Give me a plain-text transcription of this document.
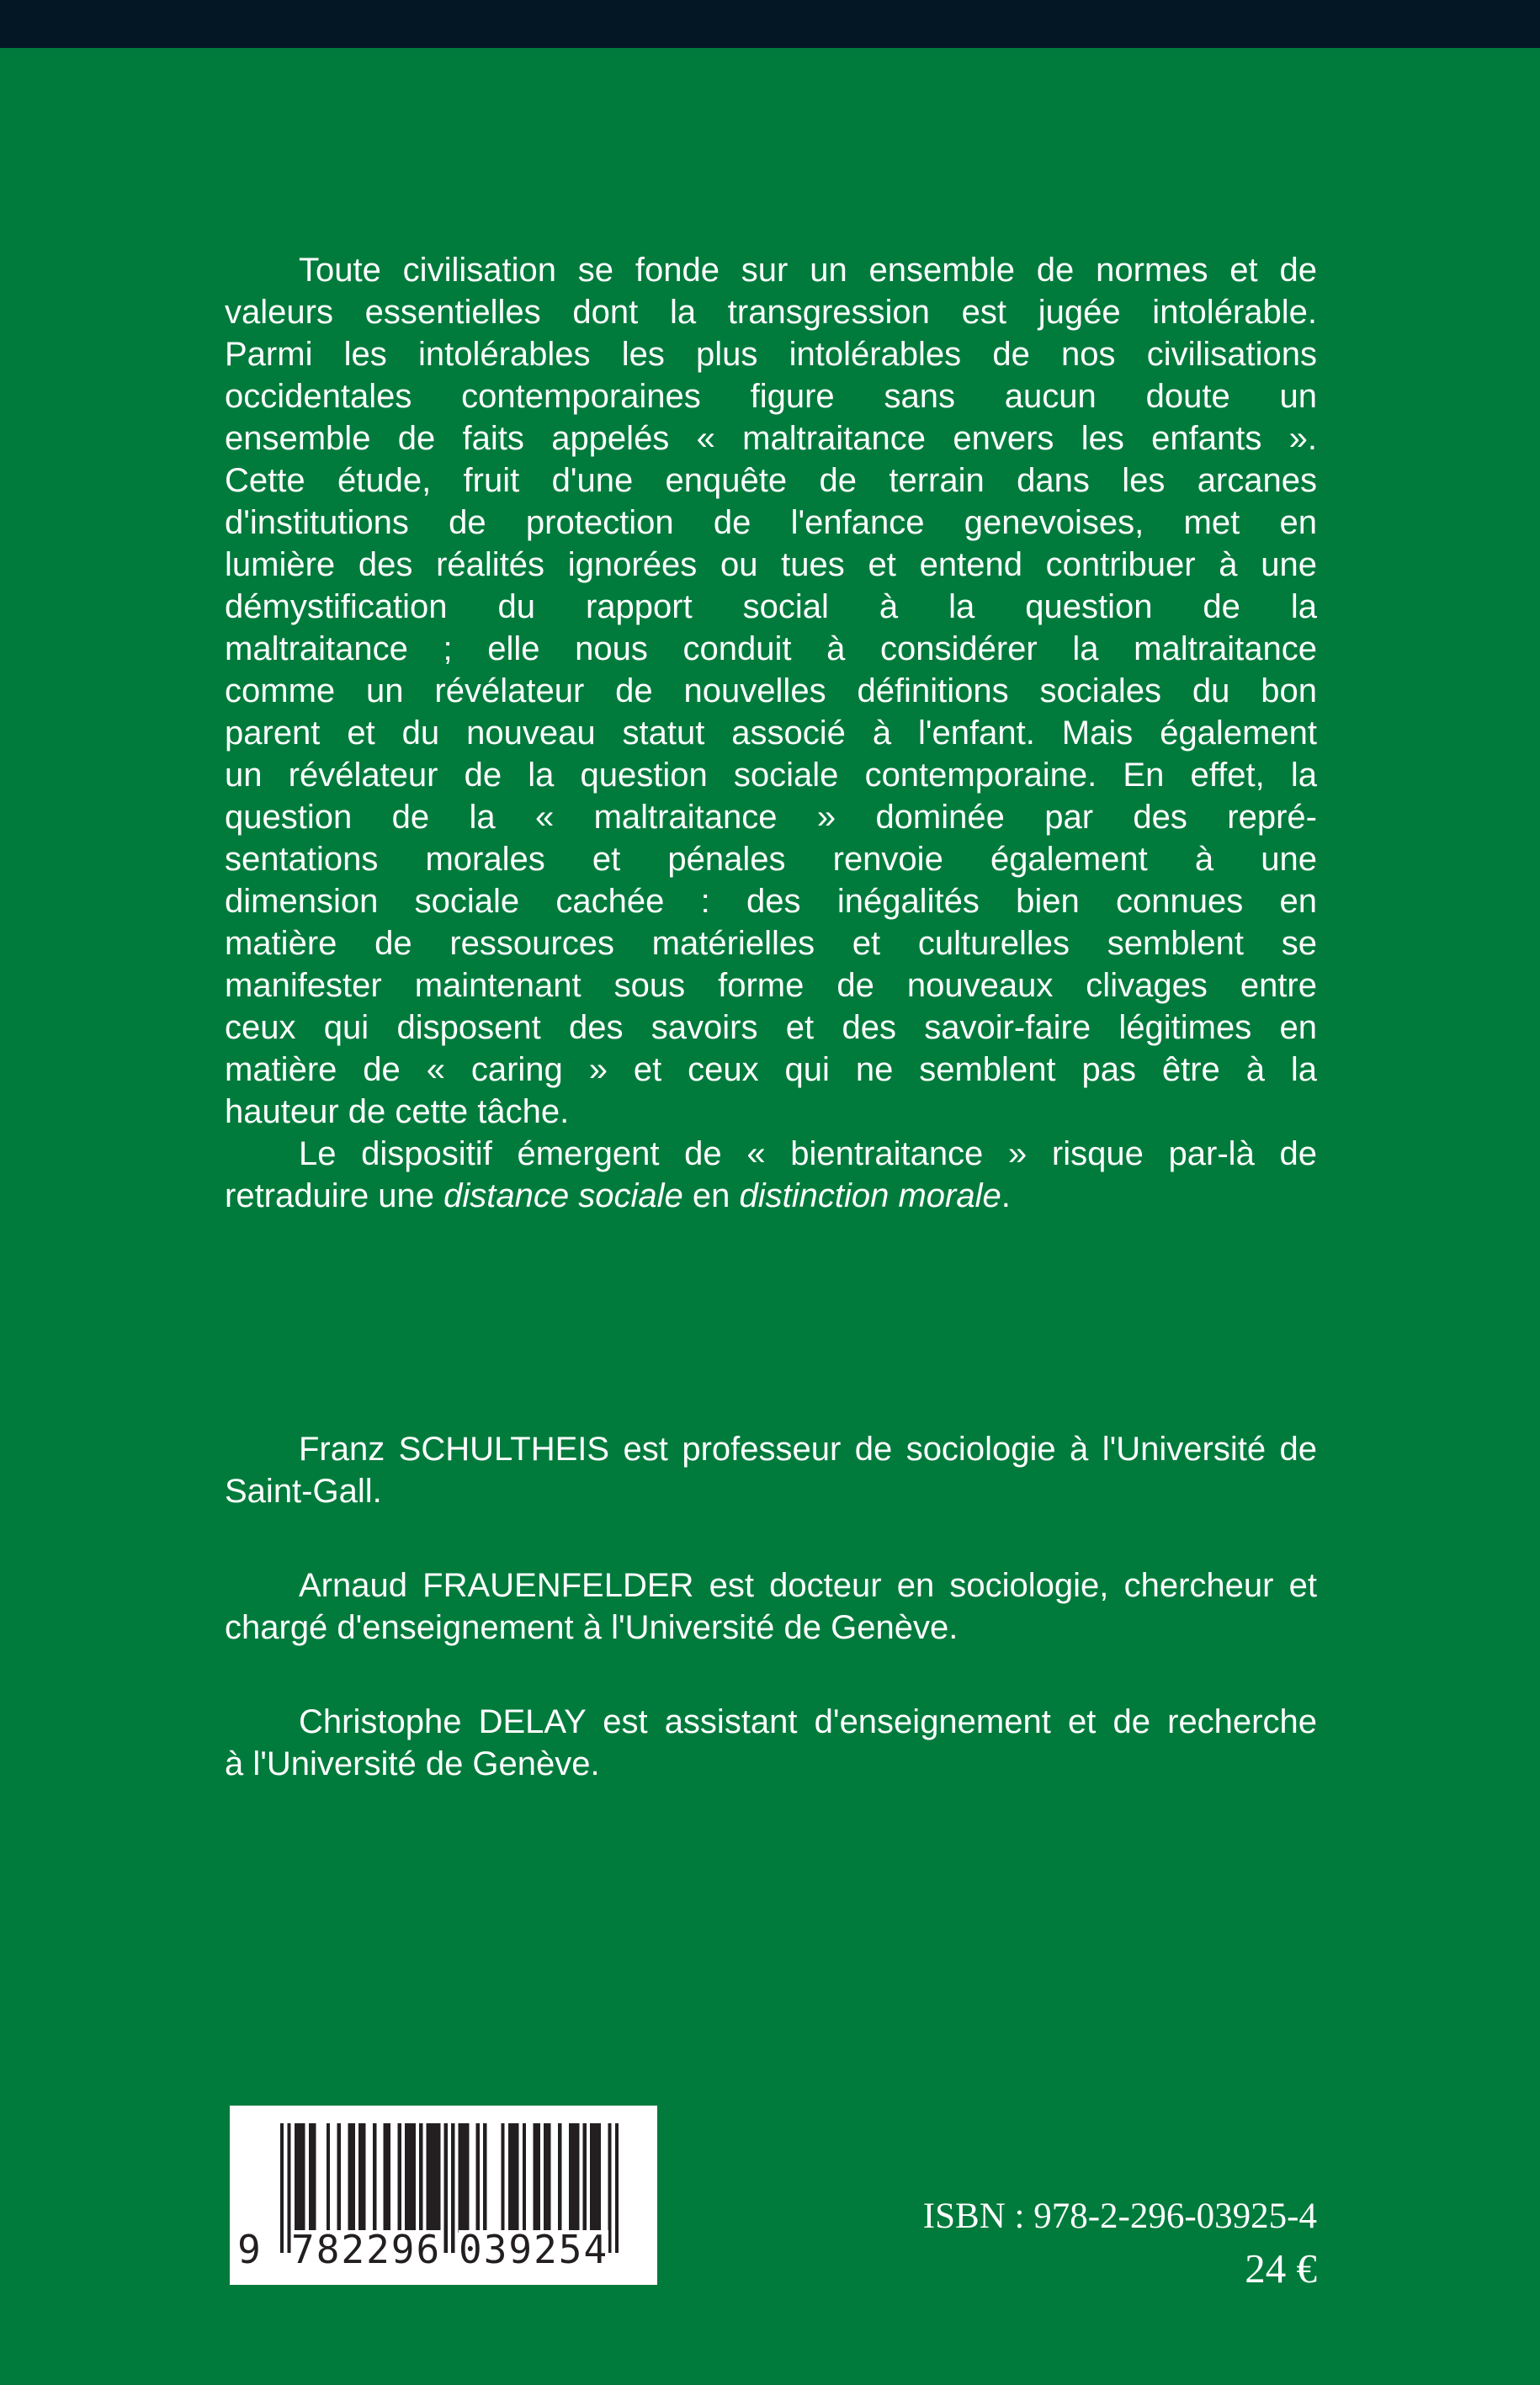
Toute civilisation se fonde sur un ensemble de normes et de
valeurs essentielles dont la transgression est jugée intolérable.
Parmi les intolérables les plus intolérables de nos civilisations
occidentales contemporaines figure sans aucun doute un
ensemble de faits appelés « maltraitance envers les enfants ».
Cette étude, fruit d'une enquête de terrain dans les arcanes
d'institutions de protection de l'enfance genevoises, met en
lumière des réalités ignorées ou tues et entend contribuer à une
démystification du rapport social à la question de la
maltraitance ; elle nous conduit à considérer la maltraitance
comme un révélateur de nouvelles définitions sociales du bon
parent et du nouveau statut associé à l'enfant. Mais également
un révélateur de la question sociale contemporaine. En effet, la
question de la « maltraitance » dominée par des repré-
sentations morales et pénales renvoie également à une
dimension sociale cachée : des inégalités bien connues en
matière de ressources matérielles et culturelles semblent se
manifester maintenant sous forme de nouveaux clivages entre
ceux qui disposent des savoirs et des savoir-faire légitimes en
matière de « caring » et ceux qui ne semblent pas être à la
hauteur de cette tâche.
Le dispositif émergent de « bientraitance » risque par-là de
retraduire une distance sociale en distinction morale.
Franz SCHULTHEIS est professeur de sociologie à l'Université de
Saint-Gall.
Arnaud FRAUENFELDER est docteur en sociologie, chercheur et
chargé d'enseignement à l'Université de Genève.
Christophe DELAY est assistant d'enseignement et de recherche
à l'Université de Genève.
9 782296 039254
ISBN : 978-2-296-03925-4
24 €
